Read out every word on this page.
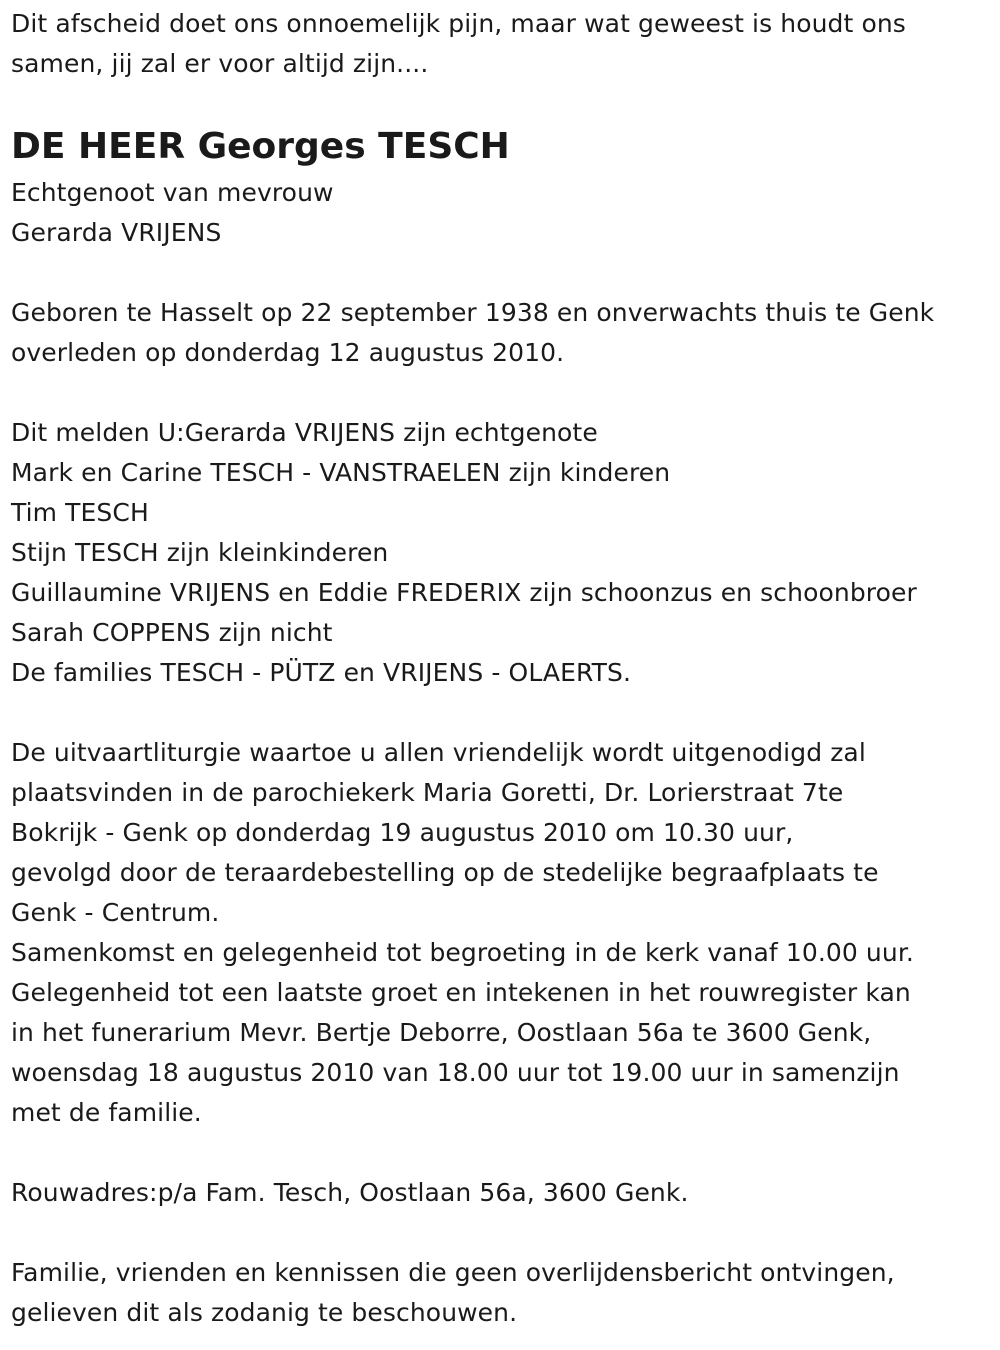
Dit afscheid doet ons onnoemelijk pijn, maar wat geweest is houdt ons
samen, jij zal er voor altijd zijn....
DE HEER Georges TESCH
Echtgenoot van mevrouw
Gerarda VRIJENS
Geboren te Hasselt op 22 september 1938 en onverwachts thuis te Genk
overleden op donderdag 12 augustus 2010.
Dit melden U:Gerarda VRIJENS zijn echtgenote
Mark en Carine TESCH - VANSTRAELEN zijn kinderen
Tim TESCH
Stijn TESCH zijn kleinkinderen
Guillaumine VRIJENS en Eddie FREDERIX zijn schoonzus en schoonbroer
Sarah COPPENS zijn nicht
De families TESCH - PÜTZ en VRIJENS - OLAERTS.
De uitvaartliturgie waartoe u allen vriendelijk wordt uitgenodigd zal
plaatsvinden in de parochiekerk Maria Goretti, Dr. Lorierstraat 7te
Bokrijk - Genk op donderdag 19 augustus 2010 om 10.30 uur,
gevolgd door de teraardebestelling op de stedelijke begraafplaats te
Genk - Centrum.
Samenkomst en gelegenheid tot begroeting in de kerk vanaf 10.00 uur.
Gelegenheid tot een laatste groet en intekenen in het rouwregister kan
in het funerarium Mevr. Bertje Deborre, Oostlaan 56a te 3600 Genk,
woensdag 18 augustus 2010 van 18.00 uur tot 19.00 uur in samenzijn
met de familie.
Rouwadres:p/a Fam. Tesch, Oostlaan 56a, 3600 Genk.
Familie, vrienden en kennissen die geen overlijdensbericht ontvingen,
gelieven dit als zodanig te beschouwen.
